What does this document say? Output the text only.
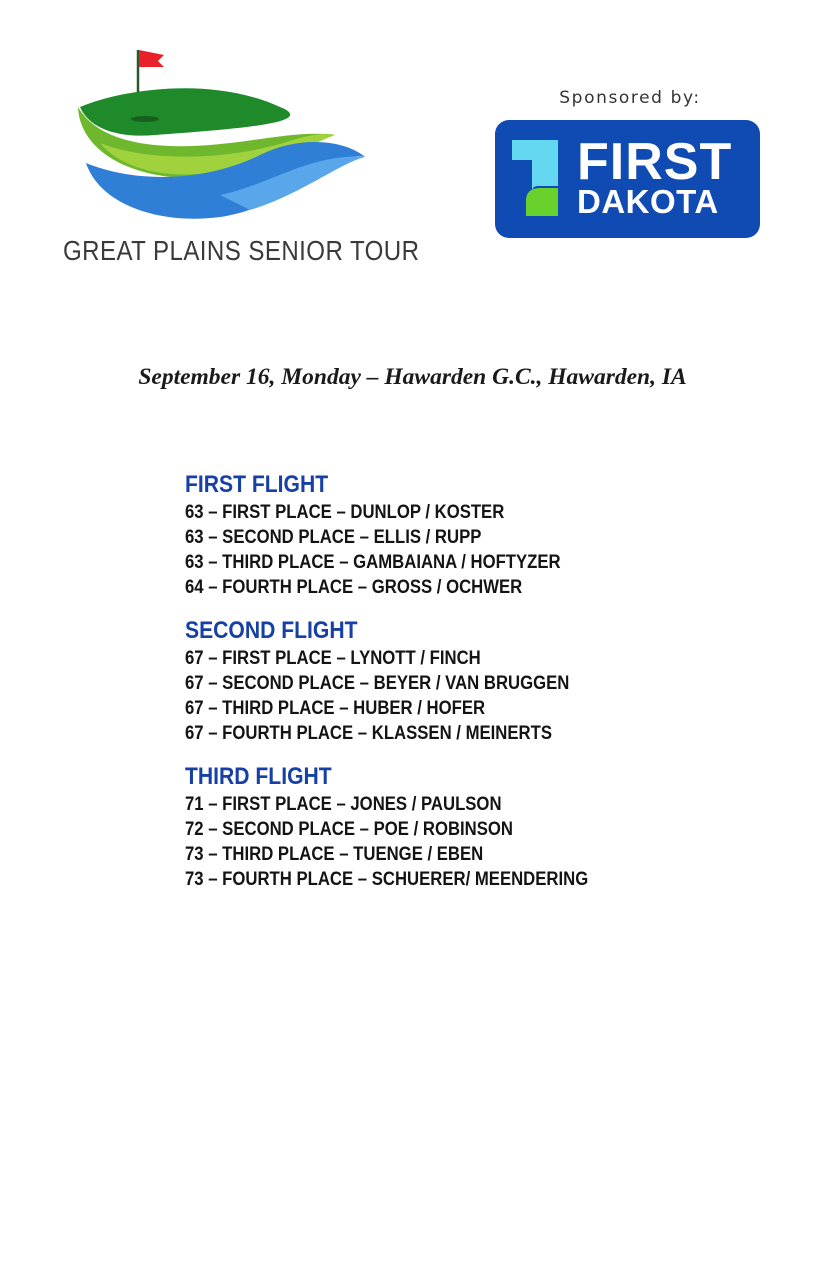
GREAT PLAINS SENIOR TOUR
Sponsored by:
FIRST
DAKOTA
September 16, Monday – Hawarden G.C., Hawarden, IA
FIRST FLIGHT
63 – FIRST PLACE – DUNLOP / KOSTER
63 – SECOND PLACE – ELLIS / RUPP
63 – THIRD PLACE – GAMBAIANA / HOFTYZER
64 – FOURTH PLACE – GROSS / OCHWER
SECOND FLIGHT
67 – FIRST PLACE – LYNOTT / FINCH
67 – SECOND PLACE – BEYER / VAN BRUGGEN
67 – THIRD PLACE – HUBER / HOFER
67 – FOURTH PLACE – KLASSEN / MEINERTS
THIRD FLIGHT
71 – FIRST PLACE – JONES / PAULSON
72 – SECOND PLACE – POE / ROBINSON
73 – THIRD PLACE – TUENGE / EBEN
73 – FOURTH PLACE – SCHUERER/ MEENDERING
